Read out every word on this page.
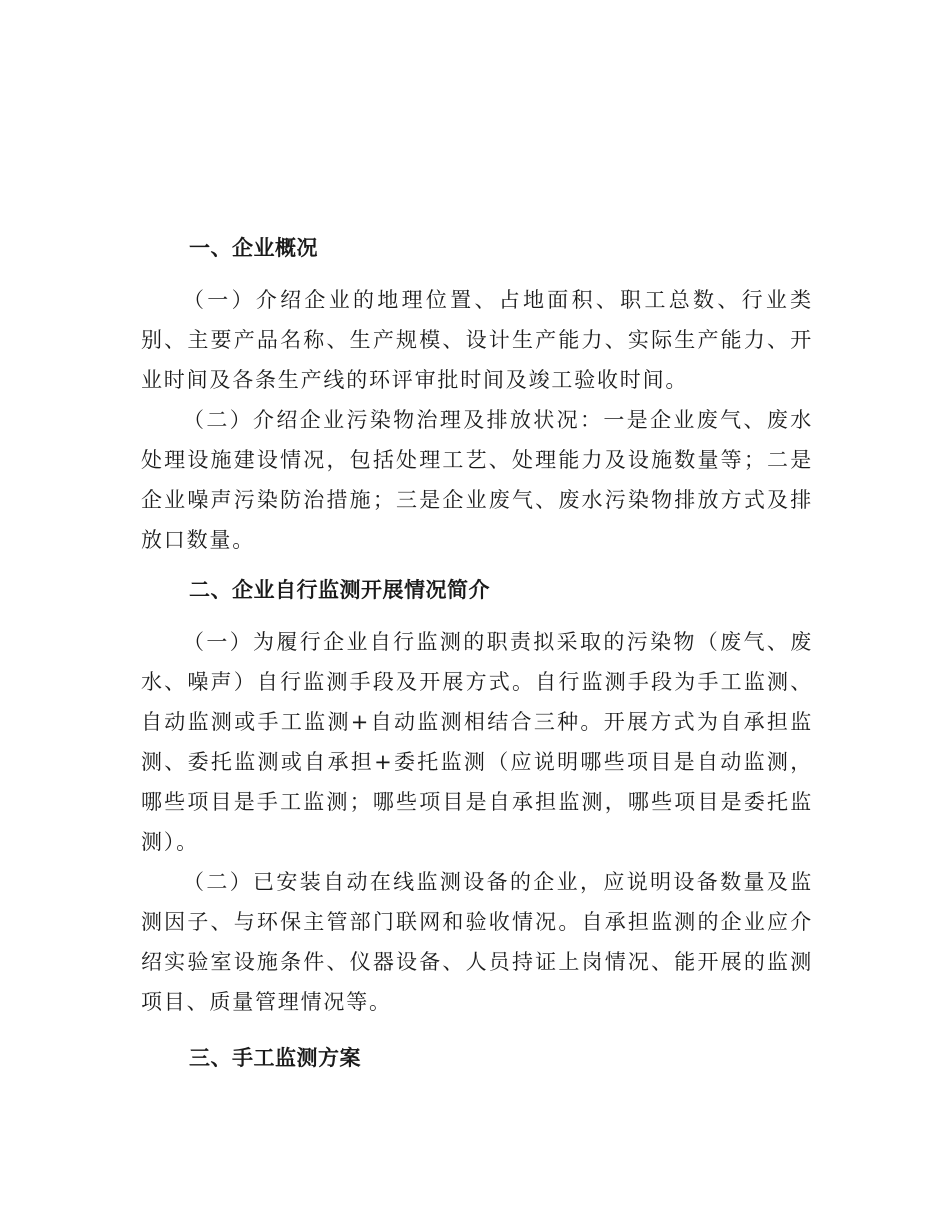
一、企业概况

（一）介绍企业的地理位置、占地面积、职工总数、行业类别、主要产品名称、生产规模、设计生产能力、实际生产能力、开业时间及各条生产线的环评审批时间及竣工验收时间。

（二）介绍企业污染物治理及排放状况：一是企业废气、废水处理设施建设情况，包括处理工艺、处理能力及设施数量等；二是企业噪声污染防治措施；三是企业废气、废水污染物排放方式及排放口数量。

二、企业自行监测开展情况简介

（一）为履行企业自行监测的职责拟采取的污染物（废气、废水、噪声）自行监测手段及开展方式。自行监测手段为手工监测、自动监测或手工监测+自动监测相结合三种。开展方式为自承担监测、委托监测或自承担+委托监测（应说明哪些项目是自动监测，哪些项目是手工监测；哪些项目是自承担监测，哪些项目是委托监测）。

（二）已安装自动在线监测设备的企业，应说明设备数量及监测因子、与环保主管部门联网和验收情况。自承担监测的企业应介绍实验室设施条件、仪器设备、人员持证上岗情况、能开展的监测项目、质量管理情况等。

三、手工监测方案
